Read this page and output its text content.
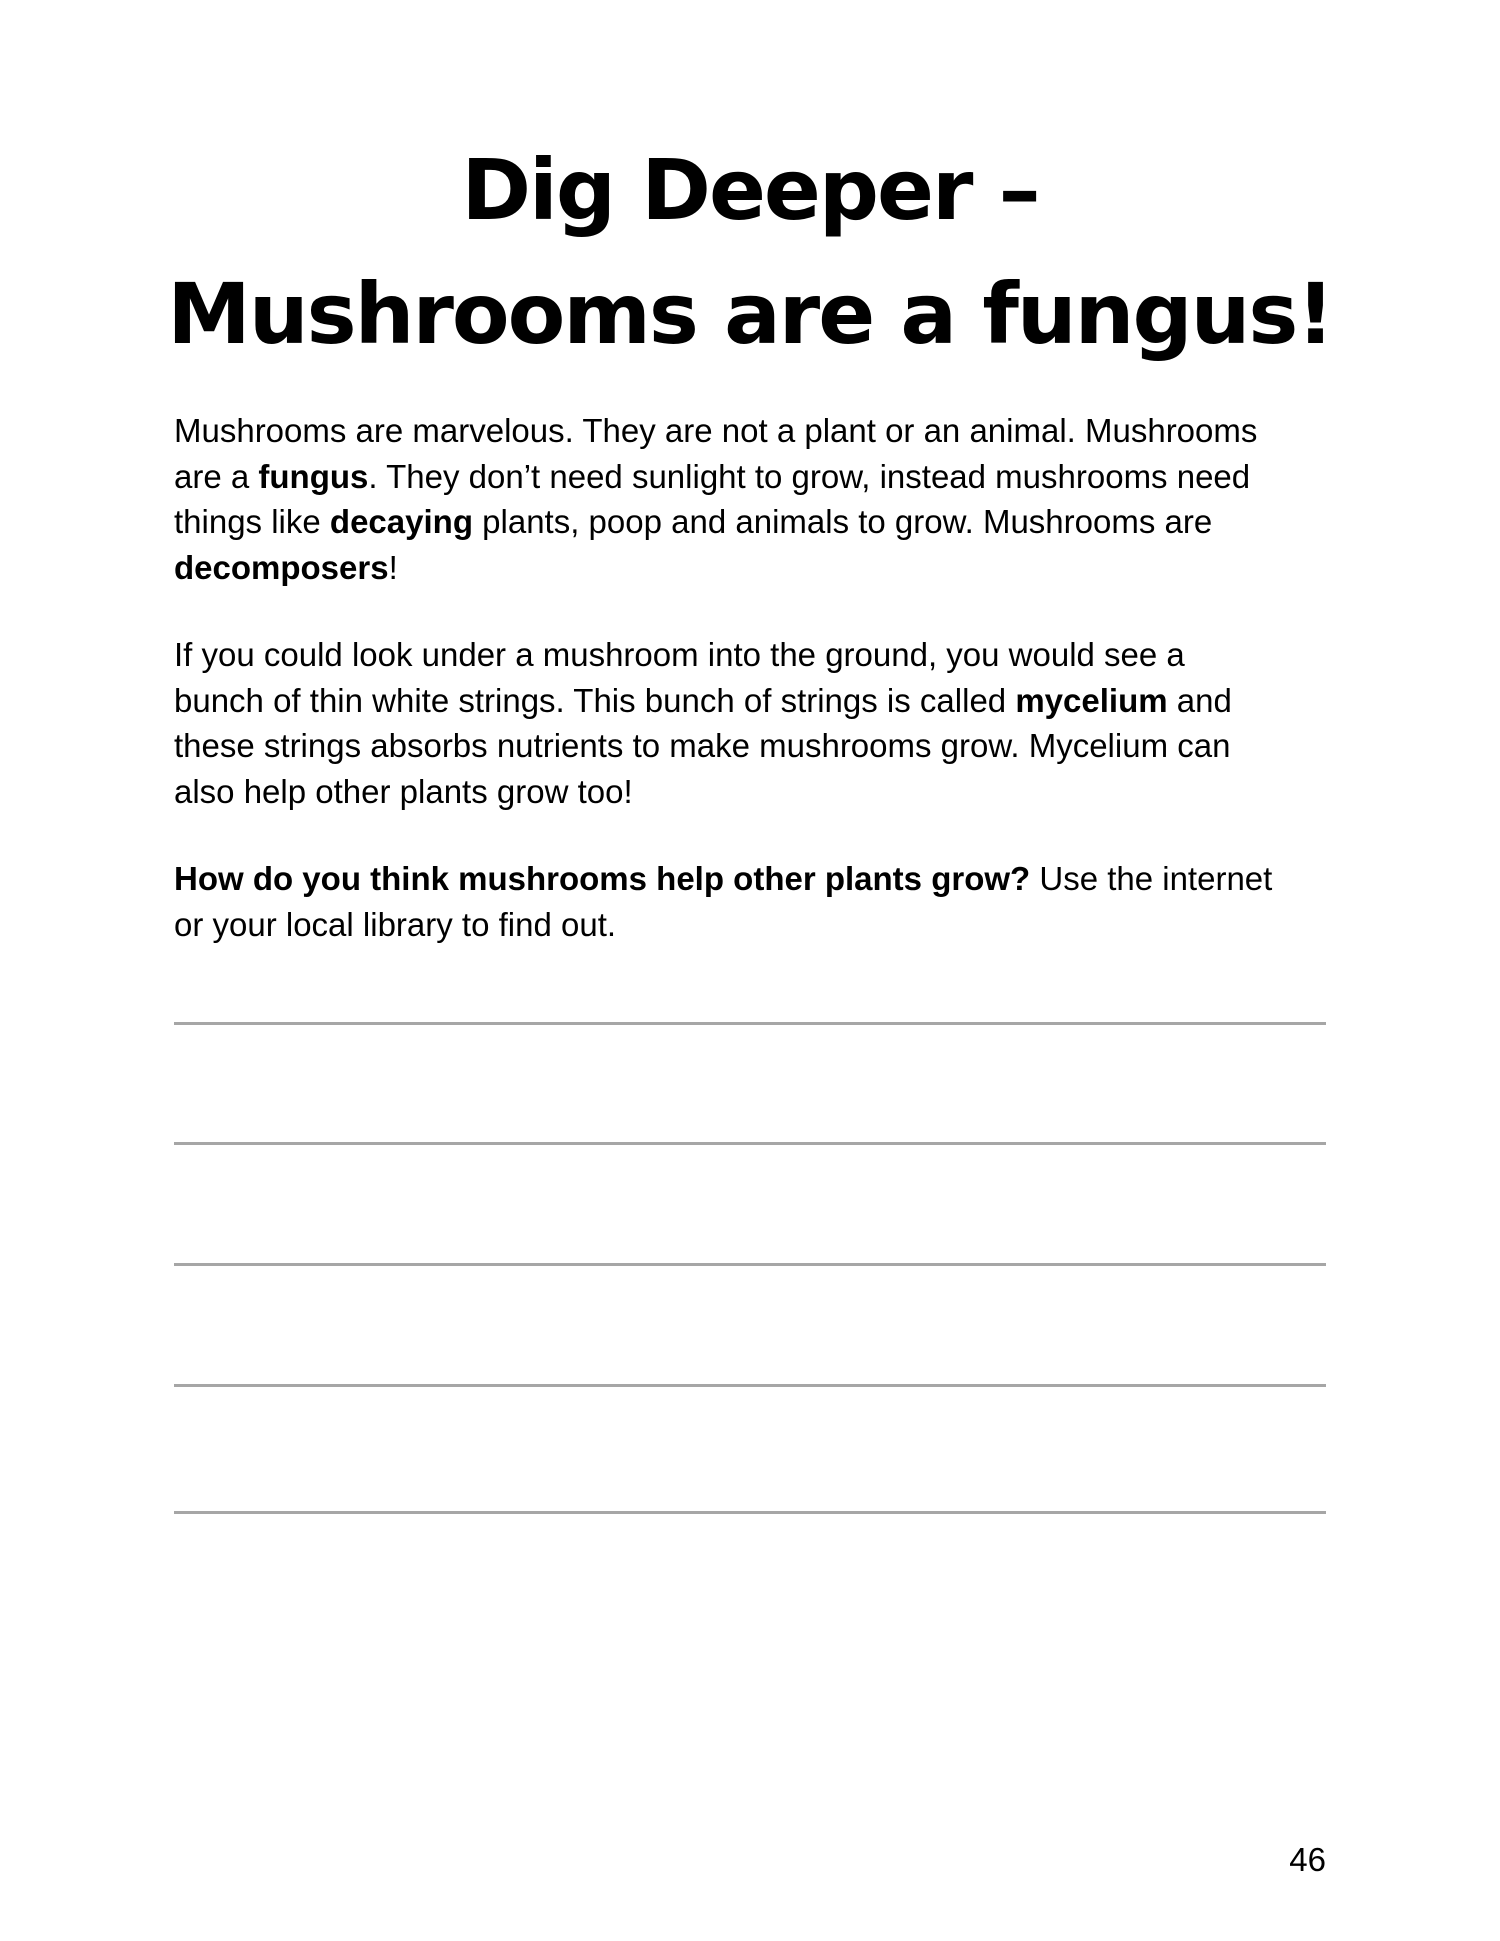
Dig Deeper –
Mushrooms are a fungus!

Mushrooms are marvelous. They are not a plant or an animal. Mushrooms
are a fungus. They don’t need sunlight to grow, instead mushrooms need
things like decaying plants, poop and animals to grow. Mushrooms are
decomposers!

If you could look under a mushroom into the ground, you would see a
bunch of thin white strings. This bunch of strings is called mycelium and
these strings absorbs nutrients to make mushrooms grow. Mycelium can
also help other plants grow too!

How do you think mushrooms help other plants grow? Use the internet
or your local library to find out.

46
